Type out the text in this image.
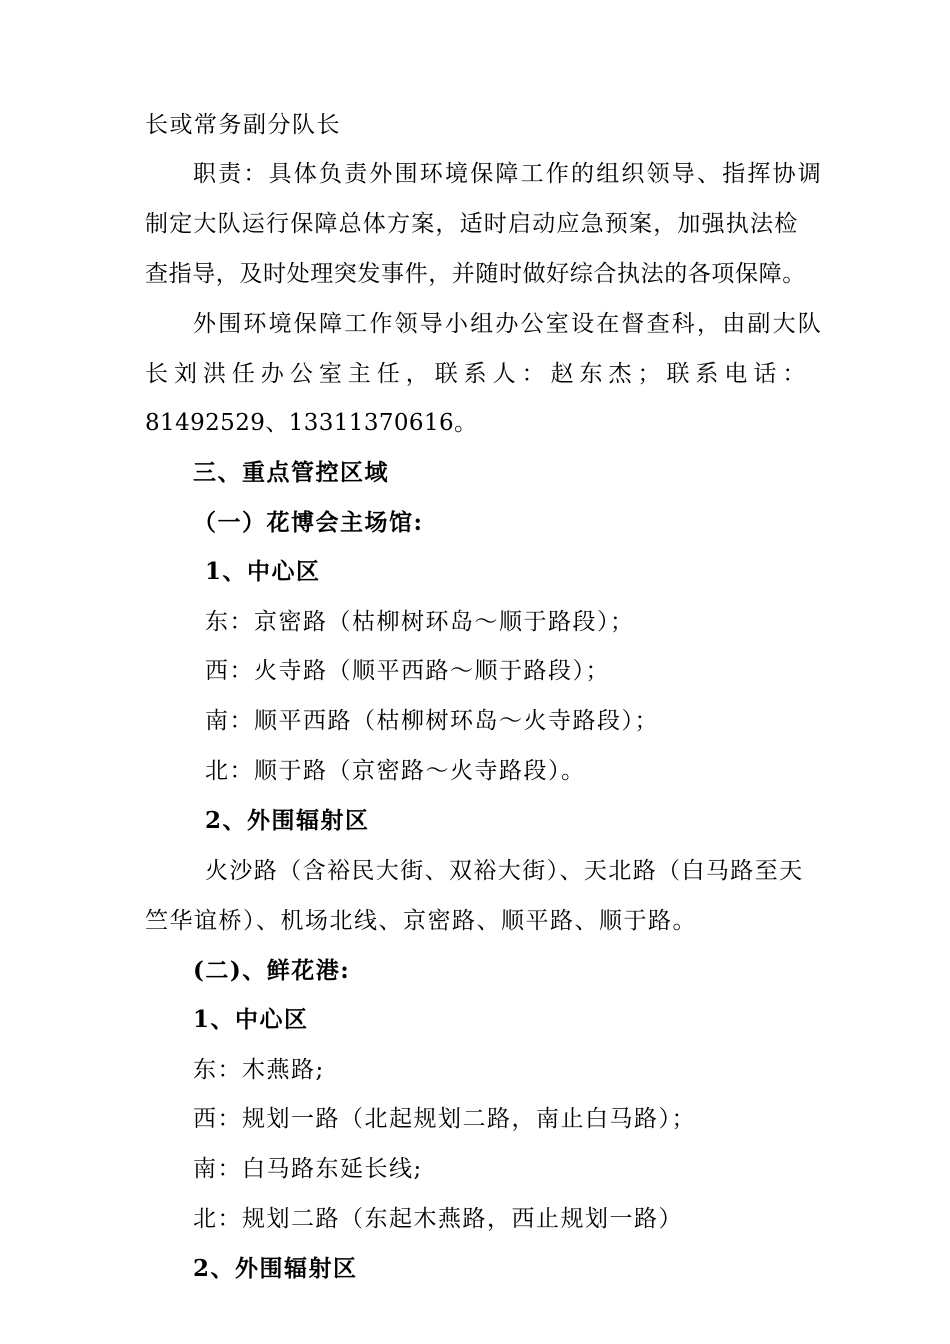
长或常务副分队长
职责：具体负责外围环境保障工作的组织领导、指挥协调
制定大队运行保障总体方案，适时启动应急预案，加强执法检
查指导，及时处理突发事件，并随时做好综合执法的各项保障。
外围环境保障工作领导小组办公室设在督查科，由副大队
长 刘 洪 任 办 公 室 主 任 ， 联 系 人 ： 赵 东 杰 ； 联 系 电 话 ：
81492529、13311370616。
三、重点管控区域
（一）花博会主场馆:
1、中心区
东：京密路（枯柳树环岛～顺于路段）；
西：火寺路（顺平西路～顺于路段）；
南：顺平西路（枯柳树环岛～火寺路段）；
北：顺于路（京密路～火寺路段）。
2、外围辐射区
火沙路（含裕民大街、双裕大街）、天北路（白马路至天
竺华谊桥）、机场北线、京密路、顺平路、顺于路。
(二)、鲜花港:
1、中心区
东：木燕路;
西：规划一路（北起规划二路，南止白马路）；
南：白马路东延长线;
北：规划二路（东起木燕路，西止规划一路）
2、外围辐射区
